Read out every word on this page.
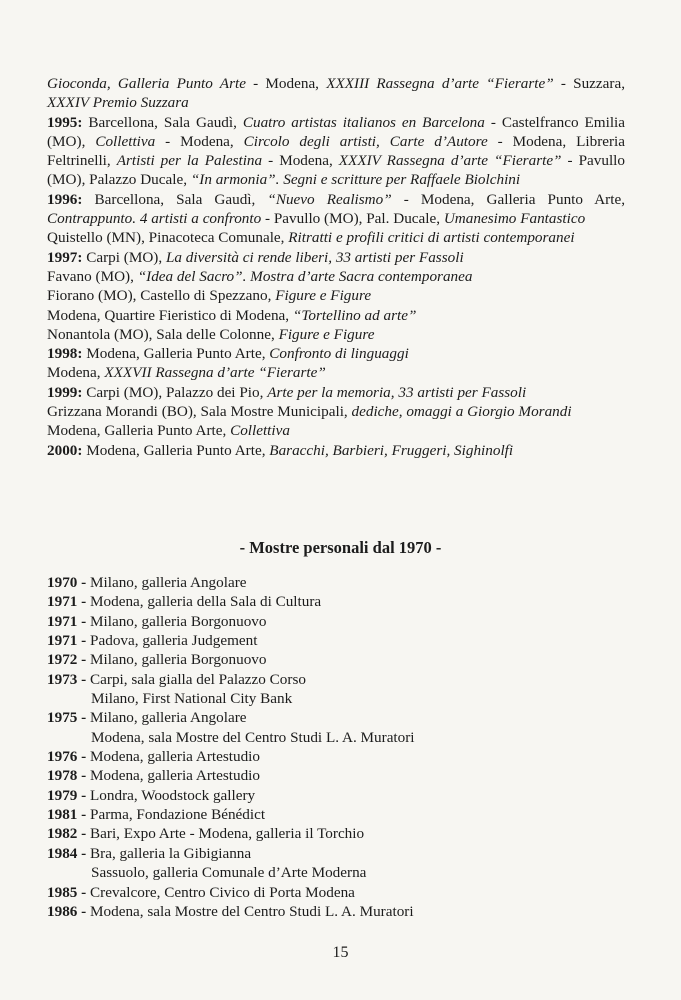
Gioconda, Galleria Punto Arte - Modena, XXXIII Rassegna d’arte “Fierarte” - Suzzara, XXXIV Premio Suzzara
1995: Barcellona, Sala Gaudì, Cuatro artistas italianos en Barcelona - Castelfranco Emilia (MO), Collettiva - Modena, Circolo degli artisti, Carte d’Autore - Modena, Libreria Feltrinelli, Artisti per la Palestina - Modena, XXXIV Rassegna d’arte “Fierarte” - Pavullo (MO), Palazzo Ducale, “In armonia”. Segni e scritture per Raffaele Biolchini
1996: Barcellona, Sala Gaudì, “Nuevo Realismo” - Modena, Galleria Punto Arte, Contrappunto. 4 artisti a confronto - Pavullo (MO), Pal. Ducale, Umanesimo Fantastico
Quistello (MN), Pinacoteca Comunale, Ritratti e profili critici di artisti contemporanei
1997: Carpi (MO), La diversità ci rende liberi, 33 artisti per Fassoli
Favano (MO), “Idea del Sacro”. Mostra d’arte Sacra contemporanea
Fiorano (MO), Castello di Spezzano, Figure e Figure
Modena, Quartire Fieristico di Modena, “Tortellino ad arte”
Nonantola (MO), Sala delle Colonne, Figure e Figure
1998: Modena, Galleria Punto Arte, Confronto di linguaggi
Modena, XXXVII Rassegna d’arte “Fierarte”
1999: Carpi (MO), Palazzo dei Pio, Arte per la memoria, 33 artisti per Fassoli
Grizzana Morandi (BO), Sala Mostre Municipali, dediche, omaggi a Giorgio Morandi
Modena, Galleria Punto Arte, Collettiva
2000: Modena, Galleria Punto Arte, Baracchi, Barbieri, Fruggeri, Sighinolfi
- Mostre personali dal 1970 -
1970 - Milano, galleria Angolare
1971 - Modena, galleria della Sala di Cultura
1971 - Milano, galleria Borgonuovo
1971 - Padova, galleria Judgement
1972 - Milano, galleria Borgonuovo
1973 - Carpi, sala gialla del Palazzo Corso
Milano, First National City Bank
1975 - Milano, galleria Angolare
Modena, sala Mostre del Centro Studi L. A. Muratori
1976 - Modena, galleria Artestudio
1978 - Modena, galleria Artestudio
1979 - Londra, Woodstock gallery
1981 - Parma, Fondazione Bénédict
1982 - Bari, Expo Arte - Modena, galleria il Torchio
1984 - Bra, galleria la Gibigianna
Sassuolo, galleria Comunale d’Arte Moderna
1985 - Crevalcore, Centro Civico di Porta Modena
1986 - Modena, sala Mostre del Centro Studi L. A. Muratori
15
